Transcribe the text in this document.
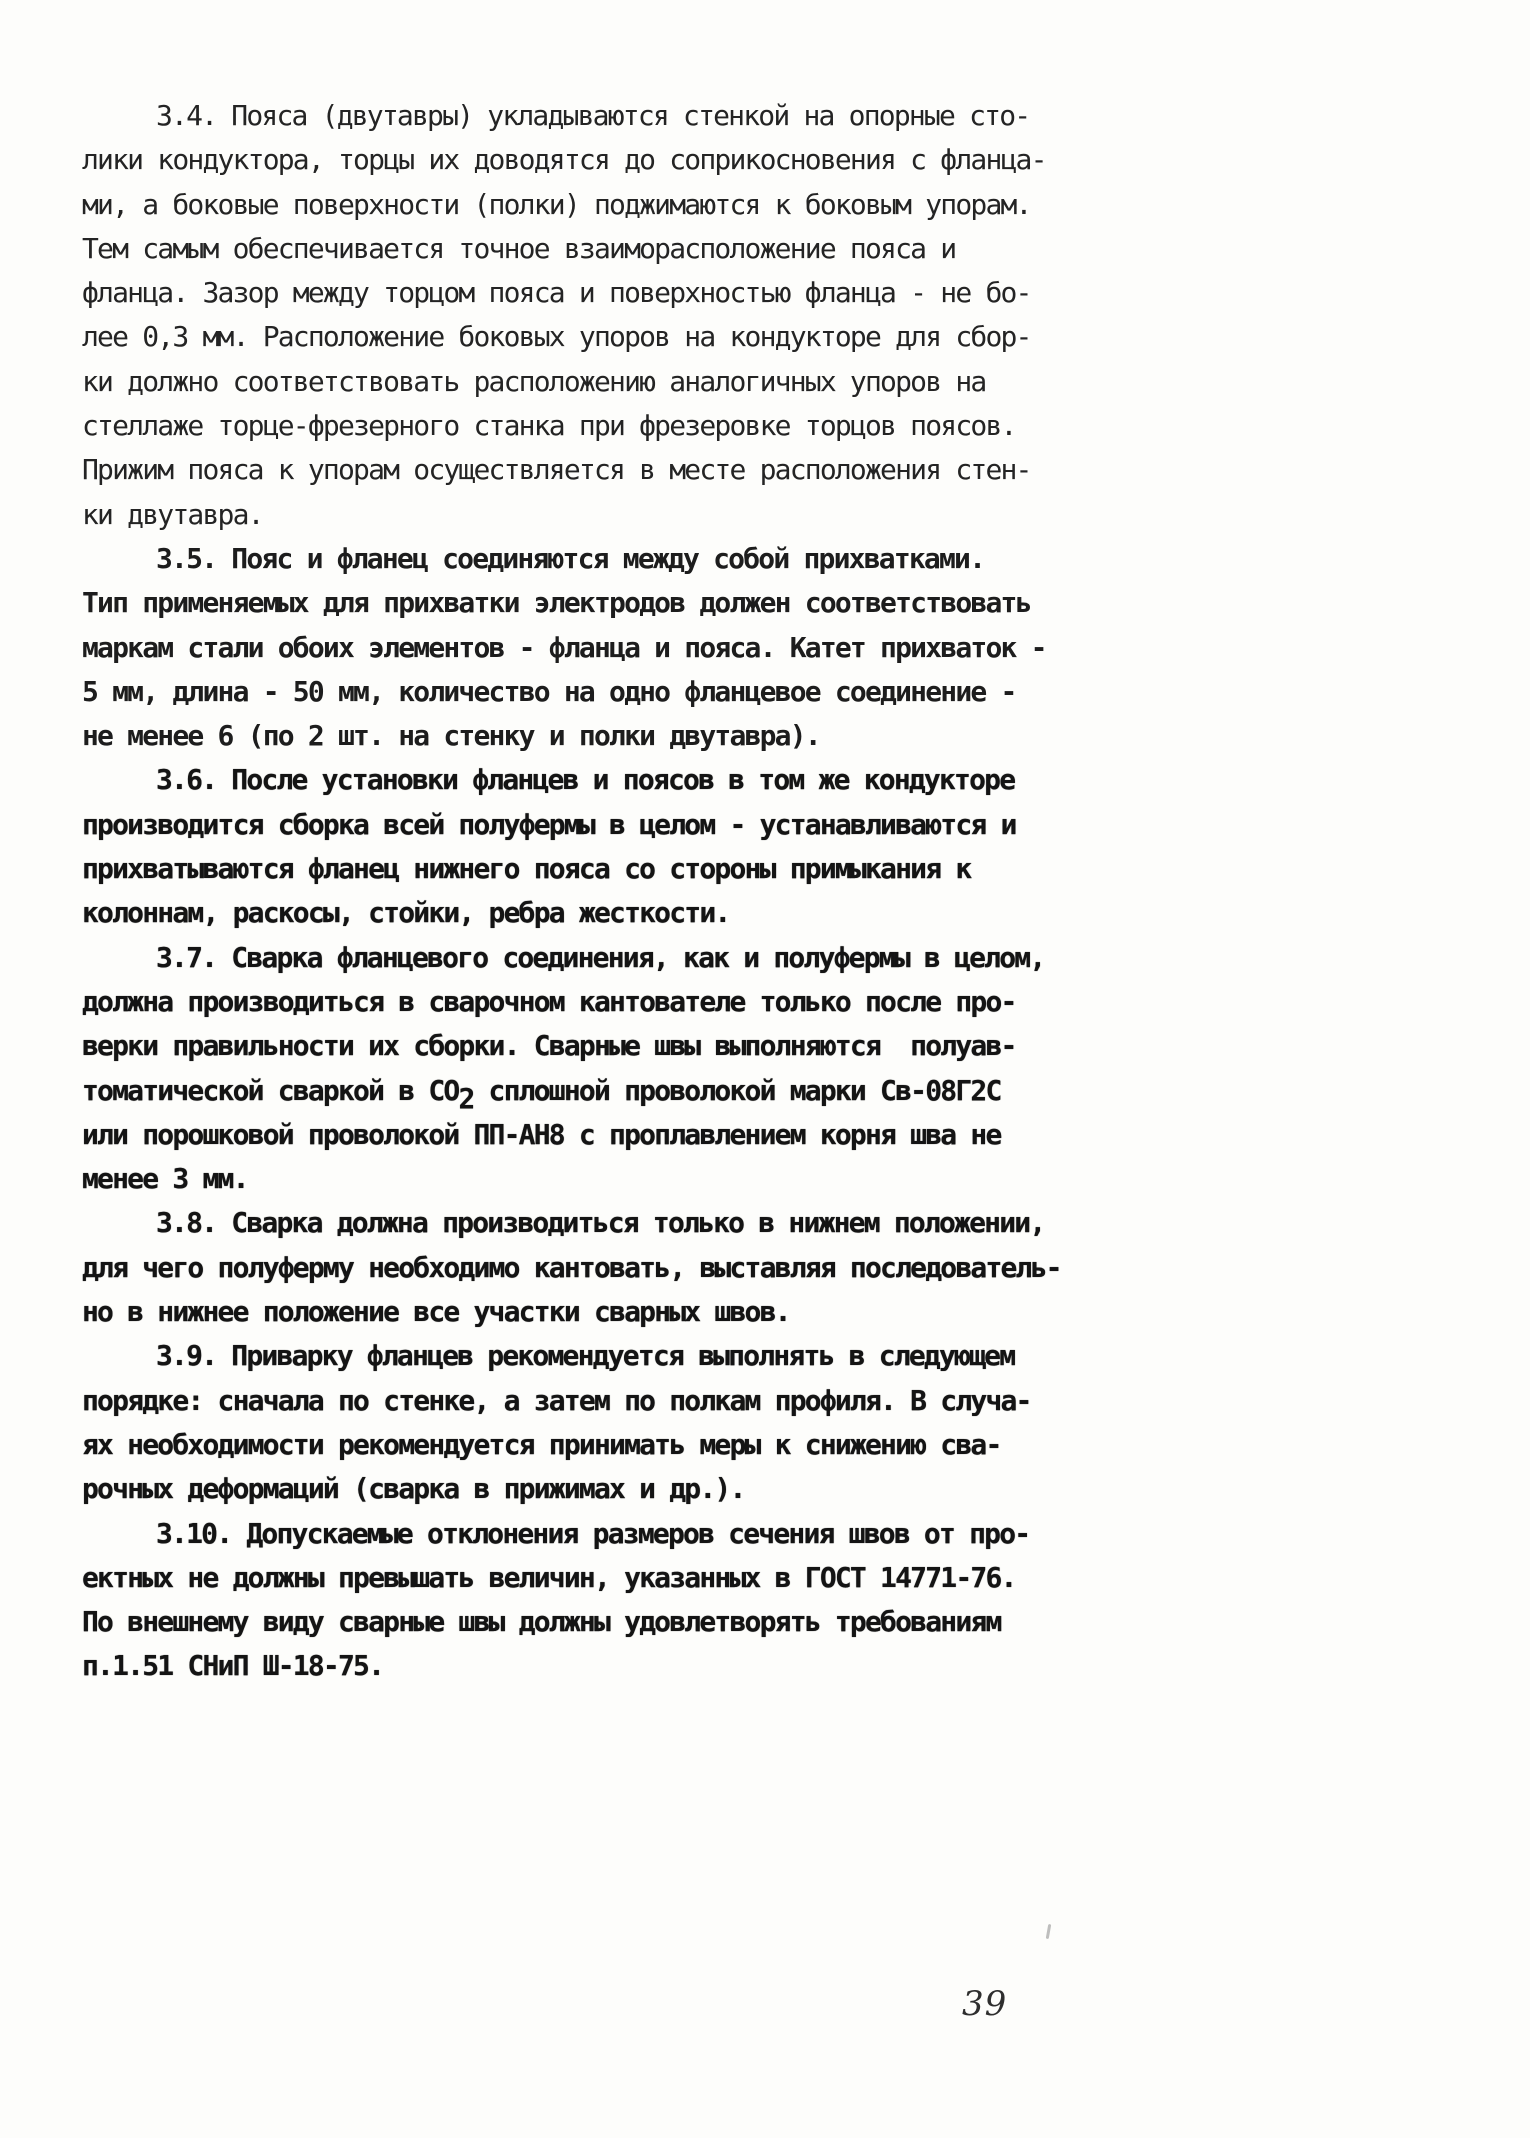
3.4. Пояса (двутавры) укладываются стенкой на опорные сто-
лики кондуктора, торцы их доводятся до соприкосновения с фланца-
ми, а боковые поверхности (полки) поджимаются к боковым упорам.
Тем самым обеспечивается точное взаиморасположение пояса и
фланца. Зазор между торцом пояса и поверхностью фланца - не бо-
лее 0,3 мм. Расположение боковых упоров на кондукторе для сбор-
ки должно соответствовать расположению аналогичных упоров на
стеллаже торце-фрезерного станка при фрезеровке торцов поясов.
Прижим пояса к упорам осуществляется в месте расположения стен-
ки двутавра.
3.5. Пояс и фланец соединяются между собой прихватками.
Тип применяемых для прихватки электродов должен соответствовать
маркам стали обоих элементов - фланца и пояса. Катет прихваток -
5 мм, длина - 50 мм, количество на одно фланцевое соединение -
не менее 6 (по 2 шт. на стенку и полки двутавра).
3.6. После установки фланцев и поясов в том же кондукторе
производится сборка всей полуфермы в целом - устанавливаются и
прихватываются фланец нижнего пояса со стороны примыкания к
колоннам, раскосы, стойки, ребра жесткости.
3.7. Сварка фланцевого соединения, как и полуфермы в целом,
должна производиться в сварочном кантователе только после про-
верки правильности их сборки. Сварные швы выполняются  полуав-
томатической сваркой в СО2 сплошной проволокой марки Св-08Г2С
или порошковой проволокой ПП-АН8 с проплавлением корня шва не
менее 3 мм.
3.8. Сварка должна производиться только в нижнем положении,
для чего полуферму необходимо кантовать, выставляя последователь-
но в нижнее положение все участки сварных швов.
3.9. Приварку фланцев рекомендуется выполнять в следующем
порядке: сначала по стенке, а затем по полкам профиля. В случа-
ях необходимости рекомендуется принимать меры к снижению сва-
рочных деформаций (сварка в прижимах и др.).
3.10. Допускаемые отклонения размеров сечения швов от про-
ектных не должны превышать величин, указанных в ГОСТ 14771-76.
По внешнему виду сварные швы должны удовлетворять требованиям
п.1.51 СНиП Ш-18-75.
39
